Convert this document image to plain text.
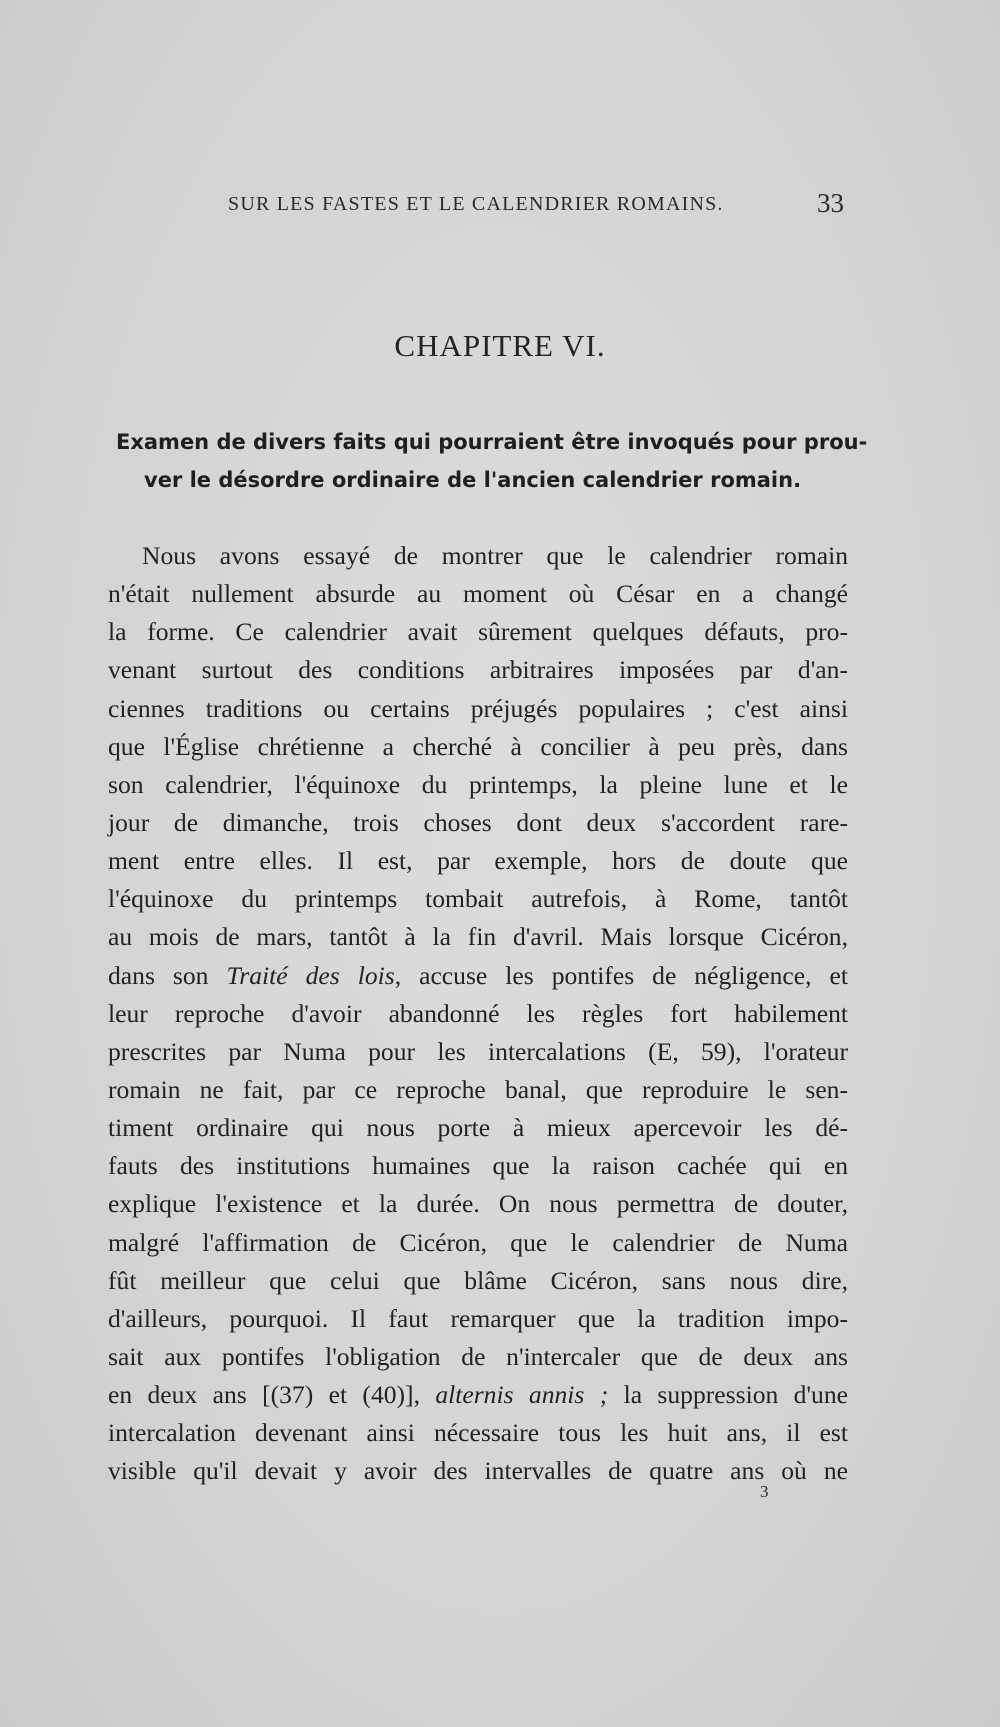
SUR LES FASTES ET LE CALENDRIER ROMAINS.	33
CHAPITRE VI.
Examen de divers faits qui pourraient être invoqués pour prou-
ver le désordre ordinaire de l'ancien calendrier romain.
Nous avons essayé de montrer que le calendrier romain
n'était nullement absurde au moment où César en a changé
la forme. Ce calendrier avait sûrement quelques défauts, pro-
venant surtout des conditions arbitraires imposées par d'an-
ciennes traditions ou certains préjugés populaires ; c'est ainsi
que l'Église chrétienne a cherché à concilier à peu près, dans
son calendrier, l'équinoxe du printemps, la pleine lune et le
jour de dimanche, trois choses dont deux s'accordent rare-
ment entre elles. Il est, par exemple, hors de doute que
l'équinoxe du printemps tombait autrefois, à Rome, tantôt
au mois de mars, tantôt à la fin d'avril. Mais lorsque Cicéron,
dans son Traité des lois, accuse les pontifes de négligence, et
leur reproche d'avoir abandonné les règles fort habilement
prescrites par Numa pour les intercalations (E, 59), l'orateur
romain ne fait, par ce reproche banal, que reproduire le sen-
timent ordinaire qui nous porte à mieux apercevoir les dé-
fauts des institutions humaines que la raison cachée qui en
explique l'existence et la durée. On nous permettra de douter,
malgré l'affirmation de Cicéron, que le calendrier de Numa
fût meilleur que celui que blâme Cicéron, sans nous dire,
d'ailleurs, pourquoi. Il faut remarquer que la tradition impo-
sait aux pontifes l'obligation de n'intercaler que de deux ans
en deux ans [(37) et (40)], alternis annis ; la suppression d'une
intercalation devenant ainsi nécessaire tous les huit ans, il est
visible qu'il devait y avoir des intervalles de quatre ans où ne
3
